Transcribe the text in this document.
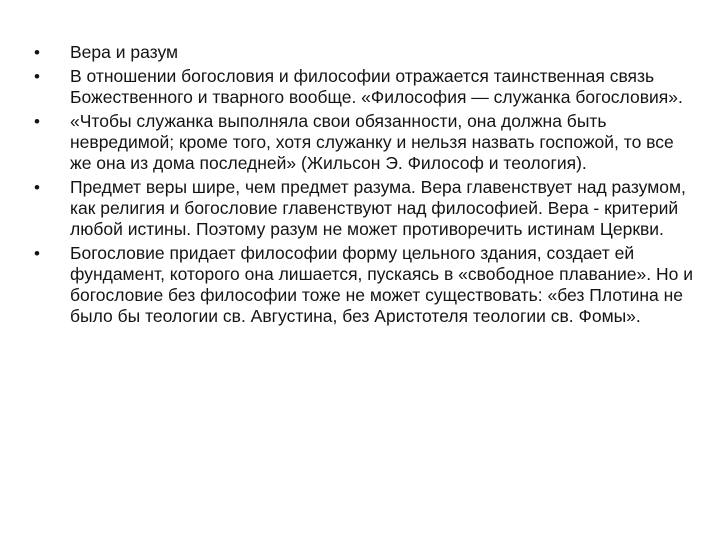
•	Вера и разум
•	В отношении богословия и философии отражается таинственная связь Божественного и тварного вообще. «Философия — служанка богословия».
•	«Чтобы служанка выполняла свои обязанности, она должна быть невредимой; кроме того, хотя служанку и нельзя назвать госпожой, то все же она из дома последней» (Жильсон Э. Философ и теология).
•	Предмет веры шире, чем предмет разума. Вера главенствует над разумом, как религия и богословие главенствуют над философией. Вера - критерий любой истины. Поэтому разум не может противоречить истинам Церкви.
•	Богословие придает философии форму цельного здания, создает ей фундамент, которого она лишается, пускаясь в «свободное плавание». Но и богословие без философии тоже не может существовать: «без Плотина не было бы теологии св. Августина, без Аристотеля теологии св. Фомы».
